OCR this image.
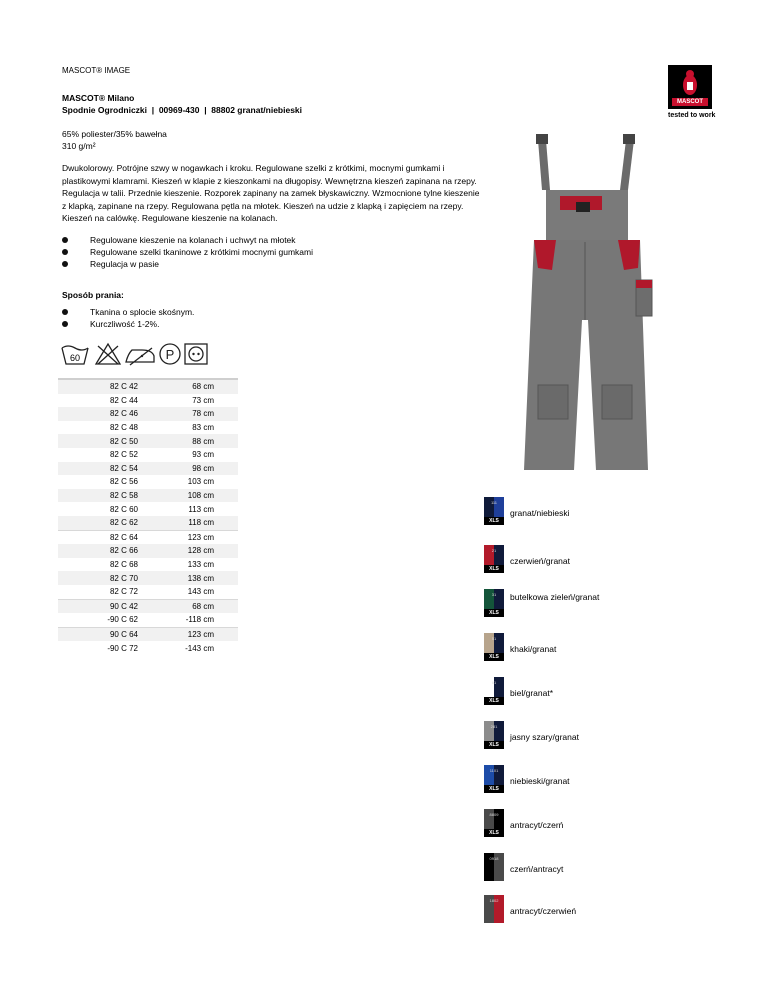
MASCOT® IMAGE
MASCOT® Milano
Spodnie Ogrodniczki  |  00969-430  |  88802 granat/niebieski
65% poliester/35% bawełna
310 g/m²
Dwukolorowy. Potrójne szwy w nogawkach i kroku. Regulowane szelki z krótkimi, mocnymi gumkami i plastikowymi klamrami. Kieszeń w klapie z kieszonkami na długopisy. Wewnętrzna kieszeń zapinana na rzepy. Regulacja w talii. Przednie kieszenie. Rozporek zapinany na zamek błyskawiczny. Wzmocnione tylne kieszenie z klapką, zapinane na rzepy. Regulowana pętla na młotek. Kieszeń na udzie z klapką i zapięciem na rzepy. Kieszeń na calówkę. Regulowane kieszenie na kolanach.
Regulowane kieszenie na kolanach i uchwyt na młotek
Regulowane szelki tkaninowe z krótkimi mocnymi gumkami
Regulacja w pasie
Sposób prania:
Tkanina o splocie skośnym.
Kurczliwość 1-2%.
60	P
82 C 42	68 cm
82 C 44	73 cm
82 C 46	78 cm
82 C 48	83 cm
82 C 50	88 cm
82 C 52	93 cm
82 C 54	98 cm
82 C 56	103 cm
82 C 58	108 cm
82 C 60	113 cm
82 C 62	118 cm
82 C 64	123 cm
82 C 66	128 cm
82 C 68	133 cm
82 C 70	138 cm
82 C 72	143 cm
90 C 42	68 cm
-90 C 62	-118 cm
90 C 64	123 cm
-90 C 72	-143 cm
MASCOT
tested to work
111
XLS
granat/niebieski
21
XLS
czerwień/granat
31
XLS
butelkowa zieleń/granat
51
XLS
khaki/granat
61
XLS
biel/granat*
281
XLS
jasny szary/granat
1101
XLS
niebieski/granat
8809
XLS
antracyt/czerń
0918
czerń/antracyt
1802
antracyt/czerwień
